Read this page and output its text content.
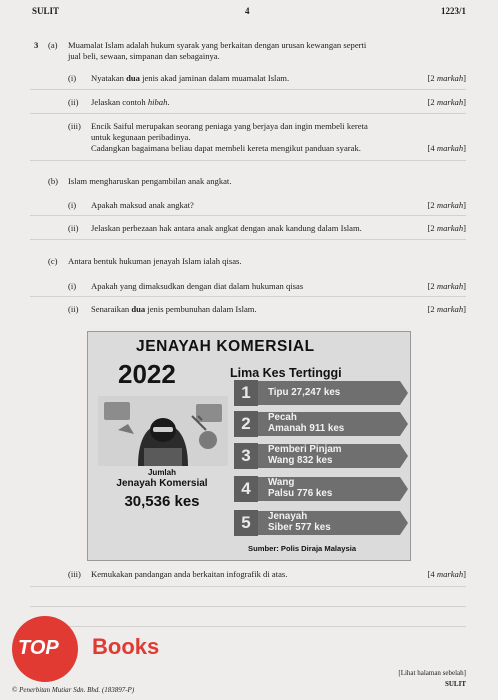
SULIT	4	1223/1
3 (a) Muamalat Islam adalah hukum syarak yang berkaitan dengan urusan kewangan seperti
jual beli, sewaan, simpanan dan sebagainya.
(i) Nyatakan dua jenis akad jaminan dalam muamalat Islam.	[2 markah]
(ii) Jelaskan contoh hibah.	[2 markah]
(iii) Encik Saiful merupakan seorang peniaga yang berjaya dan ingin membeli kereta
untuk kegunaan peribadinya.
Cadangkan bagaimana beliau dapat membeli kereta mengikut panduan syarak.	[4 markah]
(b) Islam mengharuskan pengambilan anak angkat.
(i) Apakah maksud anak angkat?	[2 markah]
(ii) Jelaskan perbezaan hak antara anak angkat dengan anak kandung dalam Islam.	[2 markah]
(c) Antara bentuk hukuman jenayah Islam ialah qisas.
(i) Apakah yang dimaksudkan dengan diat dalam hukuman qisas	[2 markah]
(ii) Senaraikan dua jenis pembunuhan dalam Islam.	[2 markah]
JENAYAH KOMERSIAL
2022	Lima Kes Tertinggi
Jumlah
Jenayah Komersial
30,536 kes
1	Tipu 27,247 kes
2	Pecah
Amanah 911 kes
3	Pemberi Pinjam
Wang 832 kes
4	Wang
Palsu 776 kes
5	Jenayah
Siber 577 kes
Sumber: Polis Diraja Malaysia
(iii) Kemukakan pandangan anda berkaitan infografik di atas.	[4 markah]
TOP Books
© Penerbitan Mutiar Sdn. Bhd. (183897-P)
[Lihat halaman sebelah]
SULIT
